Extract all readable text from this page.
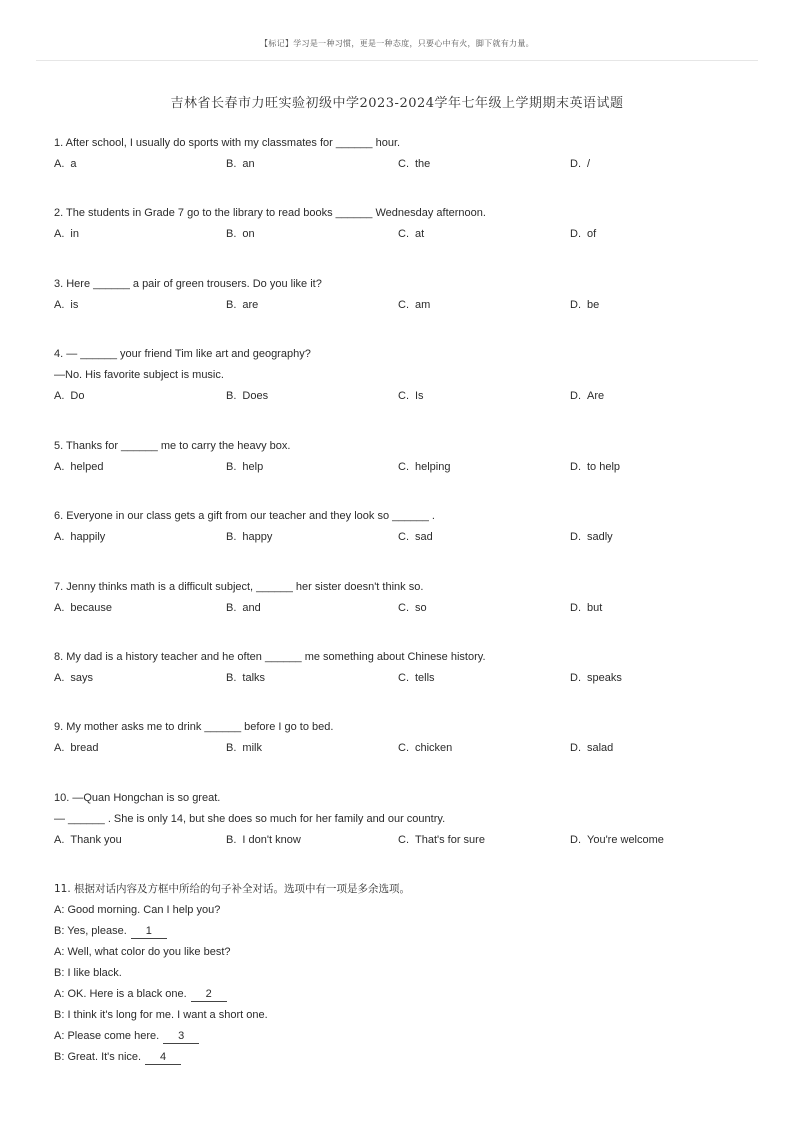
【标记】学习是一种习惯，更是一种态度，只要心中有火，脚下就有力量。
吉林省长春市力旺实验初级中学2023-2024学年七年级上学期期末英语试题
1. After school, I usually do sports with my classmates for ______ hour.
A. a	B. an	C. the	D. /
2. The students in Grade 7 go to the library to read books ______ Wednesday afternoon.
A. in	B. on	C. at	D. of
3. Here ______ a pair of green trousers. Do you like it?
A. is	B. are	C. am	D. be
4. — ______ your friend Tim like art and geography?
—No. His favorite subject is music.
A. Do	B. Does	C. Is	D. Are
5. Thanks for ______ me to carry the heavy box.
A. helped	B. help	C. helping	D. to help
6. Everyone in our class gets a gift from our teacher and they look so ______ .
A. happily	B. happy	C. sad	D. sadly
7. Jenny thinks math is a difficult subject, ______ her sister doesn't think so.
A. because	B. and	C. so	D. but
8. My dad is a history teacher and he often ______ me something about Chinese history.
A. says	B. talks	C. tells	D. speaks
9. My mother asks me to drink ______ before I go to bed.
A. bread	B. milk	C. chicken	D. salad
10. —Quan Hongchan is so great.
— ______ . She is only 14, but she does so much for her family and our country.
A. Thank you	B. I don't know	C. That's for sure	D. You're welcome
11. 根据对话内容及方框中所给的句子补全对话。选项中有一项是多余选项。
A: Good morning. Can I help you?
B: Yes, please. 1
A: Well, what color do you like best?
B: I like black.
A: OK. Here is a black one. 2
B: I think it's long for me. I want a short one.
A: Please come here. 3
B: Great. It's nice. 4
